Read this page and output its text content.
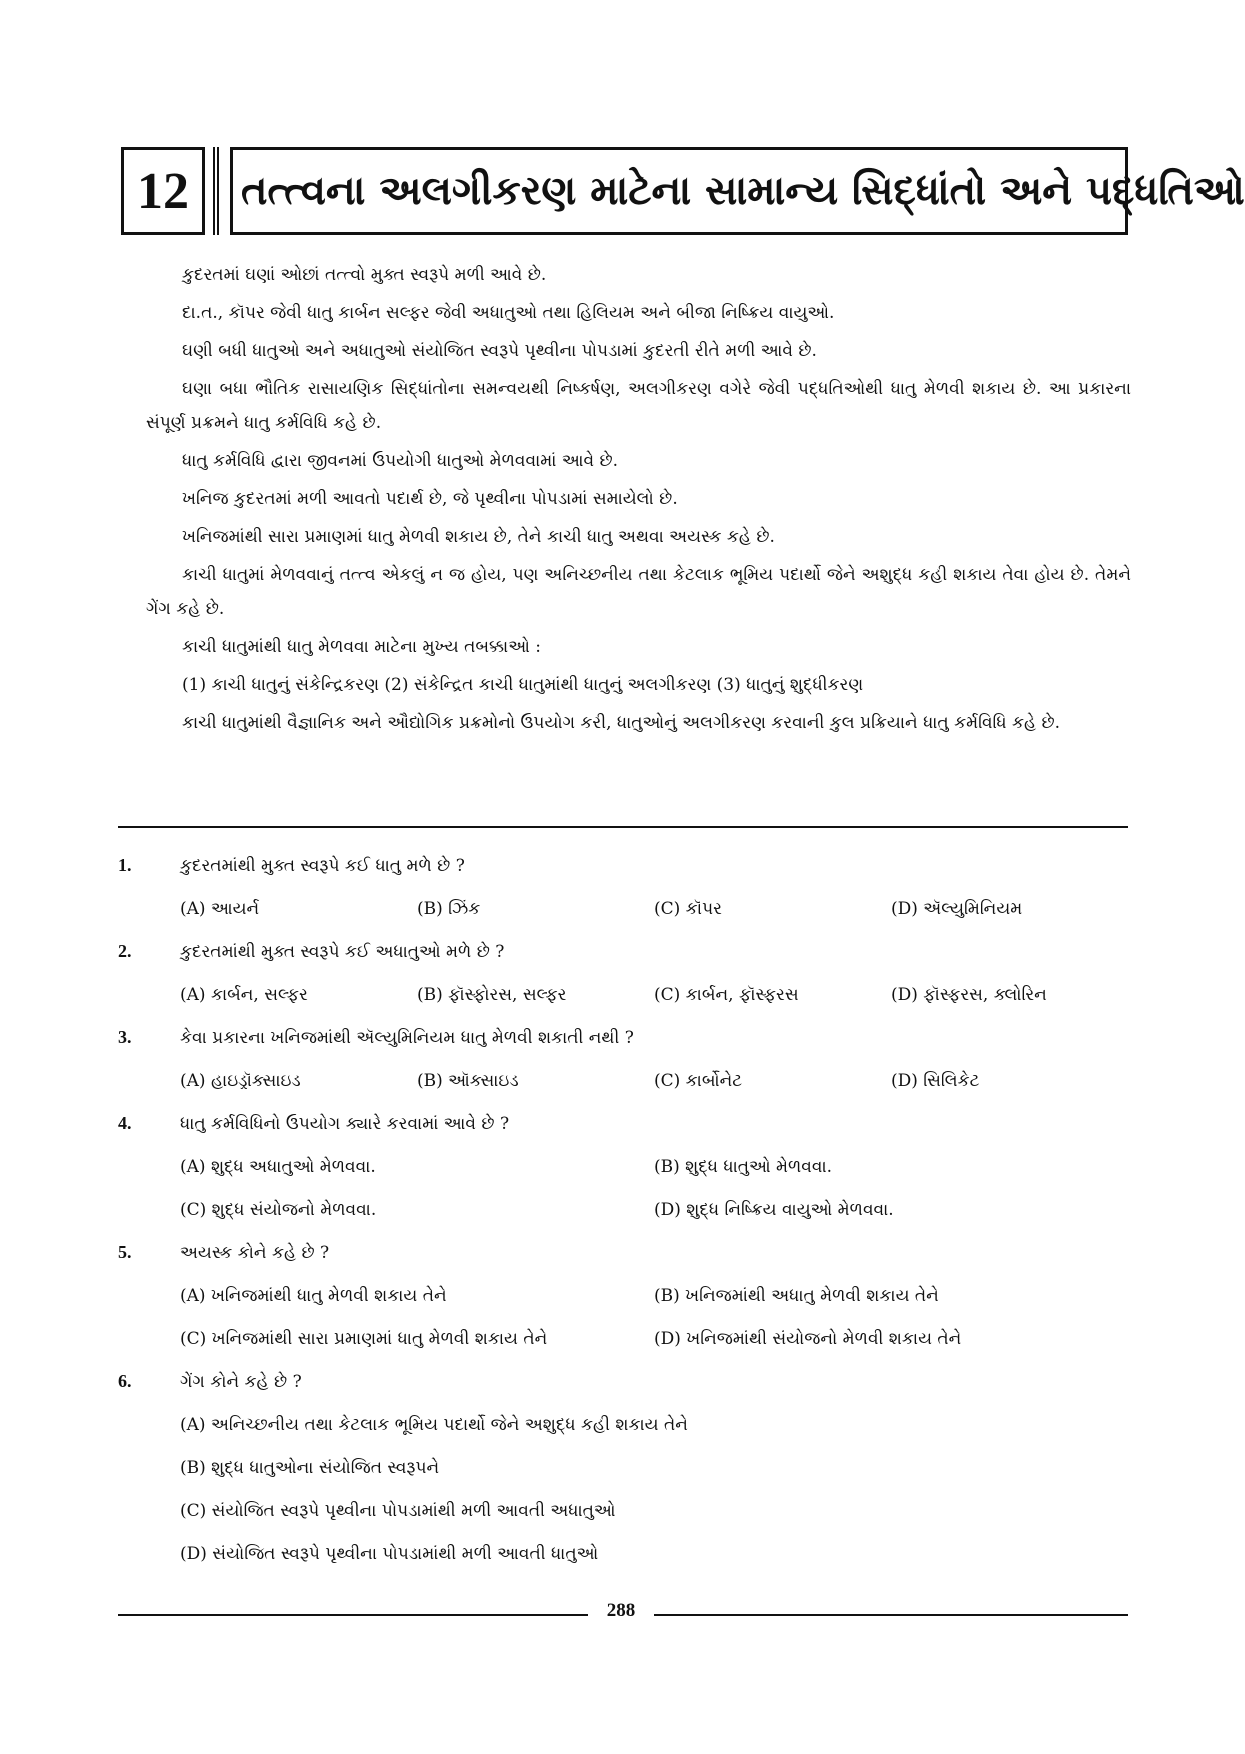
12	તત્ત્વના અલગીકરણ માટેના સામાન્ય સિદ્ધાંતો અને પદ્ધતિઓ

કુદરતમાં ઘણાં ઓછાં તત્ત્વો મુક્ત સ્વરૂપે મળી આવે છે.

દા.ત., કૉપર જેવી ધાતુ કાર્બન સલ્ફર જેવી અધાતુઓ તથા હિલિયમ અને બીજા નિષ્ક્રિય વાયુઓ.

ઘણી બધી ધાતુઓ અને અધાતુઓ સંયોજિત સ્વરૂપે પૃથ્વીના પોપડામાં કુદરતી રીતે મળી આવે છે.

ઘણા બધા ભૌતિક રાસાયણિક સિદ્ધાંતોના સમન્વયથી નિષ્કર્ષણ, અલગીકરણ વગેરે જેવી પદ્ધતિઓથી ધાતુ મેળવી શકાય છે. આ પ્રકારના સંપૂર્ણ પ્રક્રમને ધાતુ કર્મવિધિ કહે છે.

ધાતુ કર્મવિધિ દ્વારા જીવનમાં ઉપયોગી ધાતુઓ મેળવવામાં આવે છે.

ખનિજ કુદરતમાં મળી આવતો પદાર્થ છે, જે પૃથ્વીના પોપડામાં સમાયેલો છે.

ખનિજમાંથી સારા પ્રમાણમાં ધાતુ મેળવી શકાય છે, તેને કાચી ધાતુ અથવા અયસ્ક કહે છે.

કાચી ધાતુમાં મેળવવાનું તત્ત્વ એકલું ન જ હોય, પણ અનિચ્છનીય તથા કેટલાક ભૂમિય પદાર્થો જેને અશુદ્ધ કહી શકાય તેવા હોય છે. તેમને ગેંગ કહે છે.

કાચી ધાતુમાંથી ધાતુ મેળવવા માટેના મુખ્ય તબક્કાઓ :

(1) કાચી ધાતુનું સંકેન્દ્રિકરણ (2) સંકેન્દ્રિત કાચી ધાતુમાંથી ધાતુનું અલગીકરણ (3) ધાતુનું શુદ્ધીકરણ

કાચી ધાતુમાંથી વૈજ્ઞાનિક અને ઔદ્યોગિક પ્રક્રમોનો ઉપયોગ કરી, ધાતુઓનું અલગીકરણ કરવાની કુલ પ્રક્રિયાને ધાતુ કર્મવિધિ કહે છે.

1.	કુદરતમાંથી મુક્ત સ્વરૂપે કઈ ધાતુ મળે છે ?
(A) આયર્ન	(B) ઝિંક	(C) કૉપર	(D) ઍલ્યુમિનિયમ
2.	કુદરતમાંથી મુક્ત સ્વરૂપે કઈ અધાતુઓ મળે છે ?
(A) કાર્બન, સલ્ફર	(B) ફૉસ્ફોરસ, સલ્ફર	(C) કાર્બન, ફૉસ્ફરસ	(D) ફૉસ્ફરસ, ક્લોરિન
3.	કેવા પ્રકારના ખનિજમાંથી ઍલ્યુમિનિયમ ધાતુ મેળવી શકાતી નથી ?
(A) હાઇડ્રૉક્સાઇડ	(B) ઑક્સાઇડ	(C) કાર્બોનેટ	(D) સિલિકેટ
4.	ધાતુ કર્મવિધિનો ઉપયોગ ક્યારે કરવામાં આવે છે ?
(A) શુદ્ધ અધાતુઓ મેળવવા.	(B) શુદ્ધ ધાતુઓ મેળવવા.
(C) શુદ્ધ સંયોજનો મેળવવા.	(D) શુદ્ધ નિષ્ક્રિય વાયુઓ મેળવવા.
5.	અયસ્ક કોને કહે છે ?
(A) ખનિજમાંથી ધાતુ મેળવી શકાય તેને	(B) ખનિજમાંથી અધાતુ મેળવી શકાય તેને
(C) ખનિજમાંથી સારા પ્રમાણમાં ધાતુ મેળવી શકાય તેને	(D) ખનિજમાંથી સંયોજનો મેળવી શકાય તેને
6.	ગેંગ કોને કહે છે ?
(A) અનિચ્છનીય તથા કેટલાક ભૂમિય પદાર્થો જેને અશુદ્ધ કહી શકાય તેને
(B) શુદ્ધ ધાતુઓના સંયોજિત સ્વરૂપને
(C) સંયોજિત સ્વરૂપે પૃથ્વીના પોપડામાંથી મળી આવતી અધાતુઓ
(D) સંયોજિત સ્વરૂપે પૃથ્વીના પોપડામાંથી મળી આવતી ધાતુઓ
288
